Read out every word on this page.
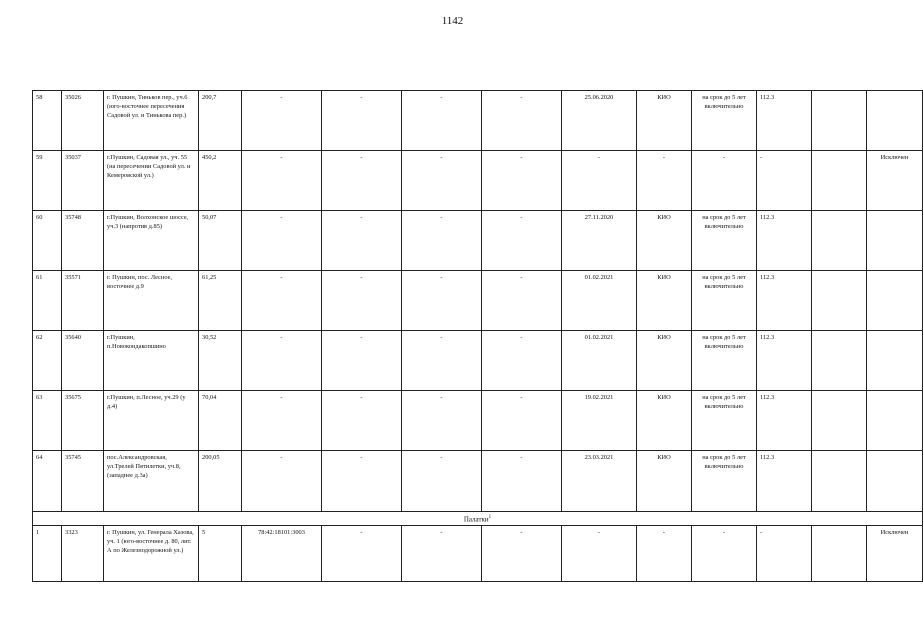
1142
58	35026	г. Пушкин, Тиньков пер., уч.6 (юго-восточнее пересечения Садовой ул. и Тинькова пер.)	200,7	-	-	-	-	25.06.2020	КИО	на срок до 5 лет включительно	112.3		
59	35037	г.Пушкин, Садовая ул., уч. 55 (на пересечении Садовой ул. и Кемеровской ул.)	450,2	-	-	-	-	-	-	-	-		Исключен
60	35748	г.Пушкин, Волхонское шоссе, уч.3 (напротив д.85)	50,07	-	-	-	-	27.11.2020	КИО	на срок до 5 лет включительно	112.3		
61	35571	г. Пушкин, пос. Лесное, восточнее д.9	61,25	-	-	-	-	01.02.2021	КИО	на срок до 5 лет включительно	112.3		
62	35640	г.Пушкин, п.Новокондакопшино	30,52	-	-	-	-	01.02.2021	КИО	на срок до 5 лет включительно	112.3		
63	35675	г.Пушкин, п.Лесное, уч.29 (у д.4)	70,04	-	-	-	-	19.02.2021	КИО	на срок до 5 лет включительно	112.3		
64	35745	пос.Александровская, ул.Трелей Пятилетки, уч.8, (западнее д.3а)	200,05	-	-	-	-	23.03.2021	КИО	на срок до 5 лет включительно	112.3		
Палатки$^1$
1	3323	г. Пушкин, ул. Генерала Хазова, уч. 1 (юго-восточнее д. 80, лит. А по Железнодорожной ул.)	5	78:42:18101:3003	-	-	-	-	-	-	-		Исключен
